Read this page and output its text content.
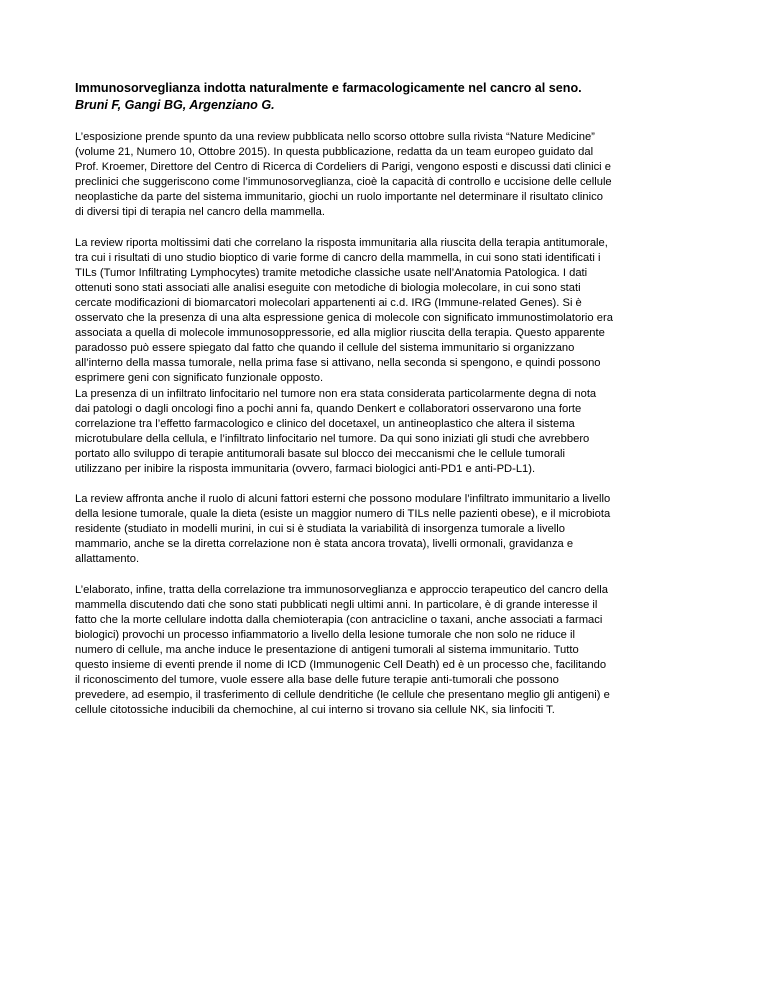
Immunosorveglianza indotta naturalmente e farmacologicamente nel cancro al seno.

Bruni F, Gangi BG, Argenziano G.

L’esposizione prende spunto da una review pubblicata nello scorso ottobre sulla rivista “Nature Medicine”
(volume 21, Numero 10, Ottobre 2015). In questa pubblicazione, redatta da un team europeo guidato dal
Prof. Kroemer, Direttore del Centro di Ricerca di Cordeliers di Parigi, vengono esposti e discussi dati clinici e
preclinici che suggeriscono come l’immunosorveglianza, cioè la capacità di controllo e uccisione delle cellule
neoplastiche da parte del sistema immunitario, giochi un ruolo importante nel determinare il risultato clinico
di diversi tipi di terapia nel cancro della mammella.
La review riporta moltissimi dati che correlano la risposta immunitaria alla riuscita della terapia antitumorale,
tra cui i risultati di uno studio bioptico di varie forme di cancro della mammella, in cui sono stati identificati i
TILs (Tumor Infiltrating Lymphocytes) tramite metodiche classiche usate nell’Anatomia Patologica. I dati
ottenuti sono stati associati alle analisi eseguite con metodiche di biologia molecolare, in cui sono stati
cercate modificazioni di biomarcatori molecolari appartenenti ai c.d. IRG (Immune-related Genes). Si è
osservato che la presenza di una alta espressione genica di molecole con significato immunostimolatorio era
associata a quella di molecole immunosoppressorie, ed alla miglior riuscita della terapia. Questo apparente
paradosso può essere spiegato dal fatto che quando il cellule del sistema immunitario si organizzano
all’interno della massa tumorale, nella prima fase si attivano, nella seconda si spengono, e quindi possono
esprimere geni con significato funzionale opposto.
La presenza di un infiltrato linfocitario nel tumore non era stata considerata particolarmente degna di nota
dai patologi o dagli oncologi fino a pochi anni fa, quando Denkert e collaboratori osservarono una forte
correlazione tra l’effetto farmacologico e clinico del docetaxel, un antineoplastico che altera il sistema
microtubulare della cellula, e l’infiltrato linfocitario nel tumore. Da qui sono iniziati gli studi che avrebbero
portato allo sviluppo di terapie antitumorali basate sul blocco dei meccanismi che le cellule tumorali
utilizzano per inibire la risposta immunitaria (ovvero, farmaci biologici anti-PD1 e anti-PD-L1).
La review affronta anche il ruolo di alcuni fattori esterni che possono modulare l’infiltrato immunitario a livello
della lesione tumorale, quale la dieta (esiste un maggior numero di TILs nelle pazienti obese), e il microbiota
residente (studiato in modelli murini, in cui si è studiata la variabilità di insorgenza tumorale a livello
mammario, anche se la diretta correlazione non è stata ancora trovata), livelli ormonali, gravidanza e
allattamento.
L’elaborato, infine, tratta della correlazione tra immunosorveglianza e approccio terapeutico del cancro della
mammella discutendo dati che sono stati pubblicati negli ultimi anni. In particolare, è di grande interesse il
fatto che la morte cellulare indotta dalla chemioterapia (con antracicline o taxani, anche associati a farmaci
biologici) provochi un processo infiammatorio a livello della lesione tumorale che non solo ne riduce il
numero di cellule, ma anche induce le presentazione di antigeni tumorali al sistema immunitario. Tutto
questo insieme di eventi prende il nome di ICD (Immunogenic Cell Death) ed è un processo che, facilitando
il riconoscimento del tumore, vuole essere alla base delle future terapie anti-tumorali che possono
prevedere, ad esempio, il trasferimento di cellule dendritiche (le cellule che presentano meglio gli antigeni) e
cellule citotossiche inducibili da chemochine, al cui interno si trovano sia cellule NK, sia linfociti T.
